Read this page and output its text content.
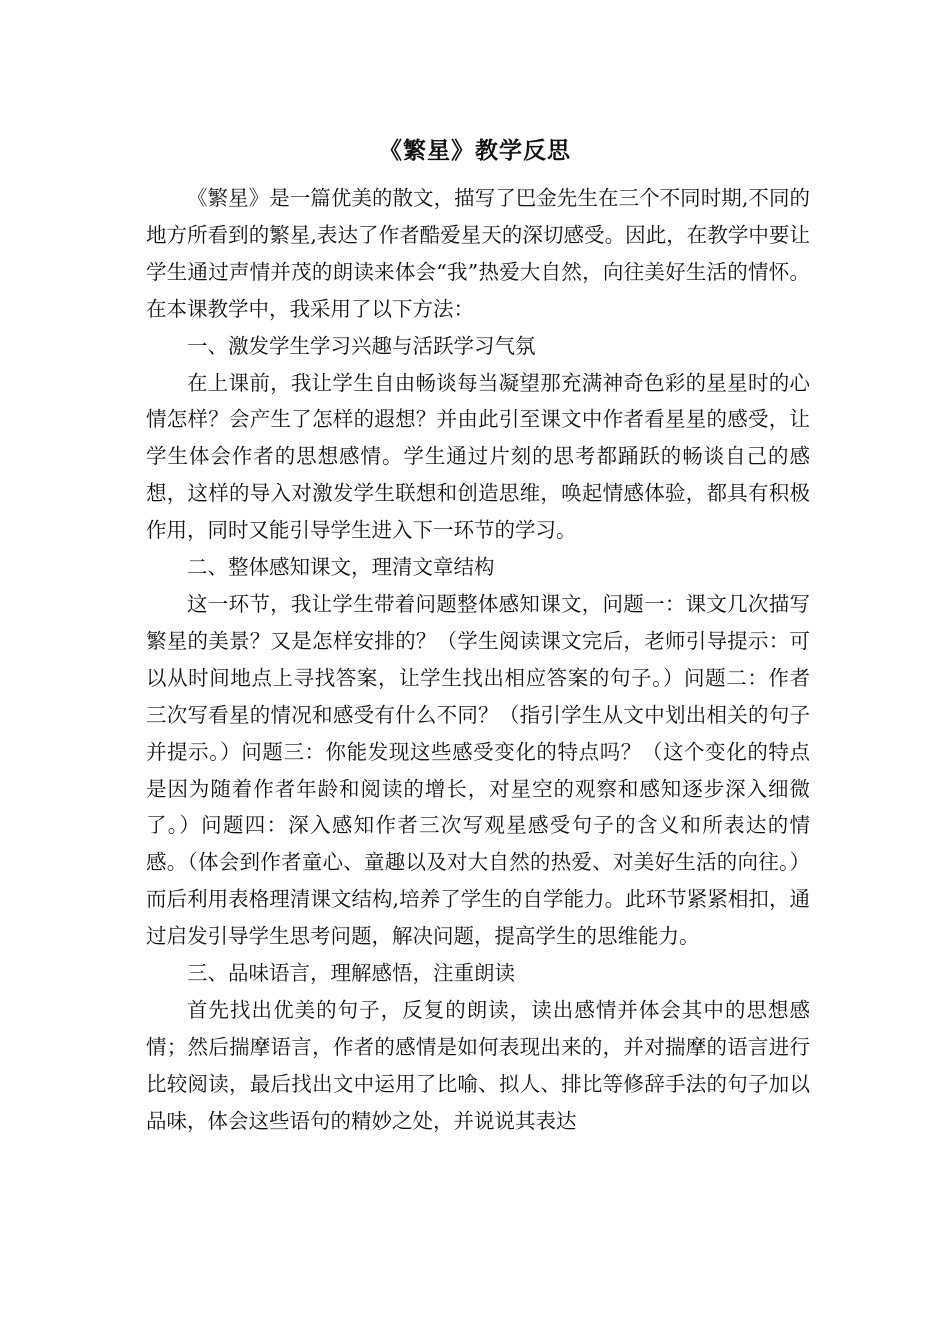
《繁星》教学反思

《繁星》是一篇优美的散文，描写了巴金先生在三个不同时期,不同的地方所看到的繁星,表达了作者酷爱星天的深切感受。因此，在教学中要让学生通过声情并茂的朗读来体会“我”热爱大自然，向往美好生活的情怀。在本课教学中，我采用了以下方法：

一、激发学生学习兴趣与活跃学习气氛

在上课前，我让学生自由畅谈每当凝望那充满神奇色彩的星星时的心情怎样？会产生了怎样的遐想？并由此引至课文中作者看星星的感受，让学生体会作者的思想感情。学生通过片刻的思考都踊跃的畅谈自己的感想，这样的导入对激发学生联想和创造思维，唤起情感体验，都具有积极作用，同时又能引导学生进入下一环节的学习。

二、整体感知课文，理清文章结构

这一环节，我让学生带着问题整体感知课文，问题一：课文几次描写繁星的美景？又是怎样安排的？（学生阅读课文完后，老师引导提示：可以从时间地点上寻找答案，让学生找出相应答案的句子。）问题二：作者三次写看星的情况和感受有什么不同？（指引学生从文中划出相关的句子并提示。）问题三：你能发现这些感受变化的特点吗？（这个变化的特点是因为随着作者年龄和阅读的增长，对星空的观察和感知逐步深入细微了。）问题四：深入感知作者三次写观星感受句子的含义和所表达的情感。（体会到作者童心、童趣以及对大自然的热爱、对美好生活的向往。）而后利用表格理清课文结构,培养了学生的自学能力。此环节紧紧相扣，通过启发引导学生思考问题，解决问题，提高学生的思维能力。

三、品味语言，理解感悟，注重朗读

首先找出优美的句子，反复的朗读，读出感情并体会其中的思想感情；然后揣摩语言，作者的感情是如何表现出来的，并对揣摩的语言进行比较阅读，最后找出文中运用了比喻、拟人、排比等修辞手法的句子加以品味，体会这些语句的精妙之处，并说说其表达
